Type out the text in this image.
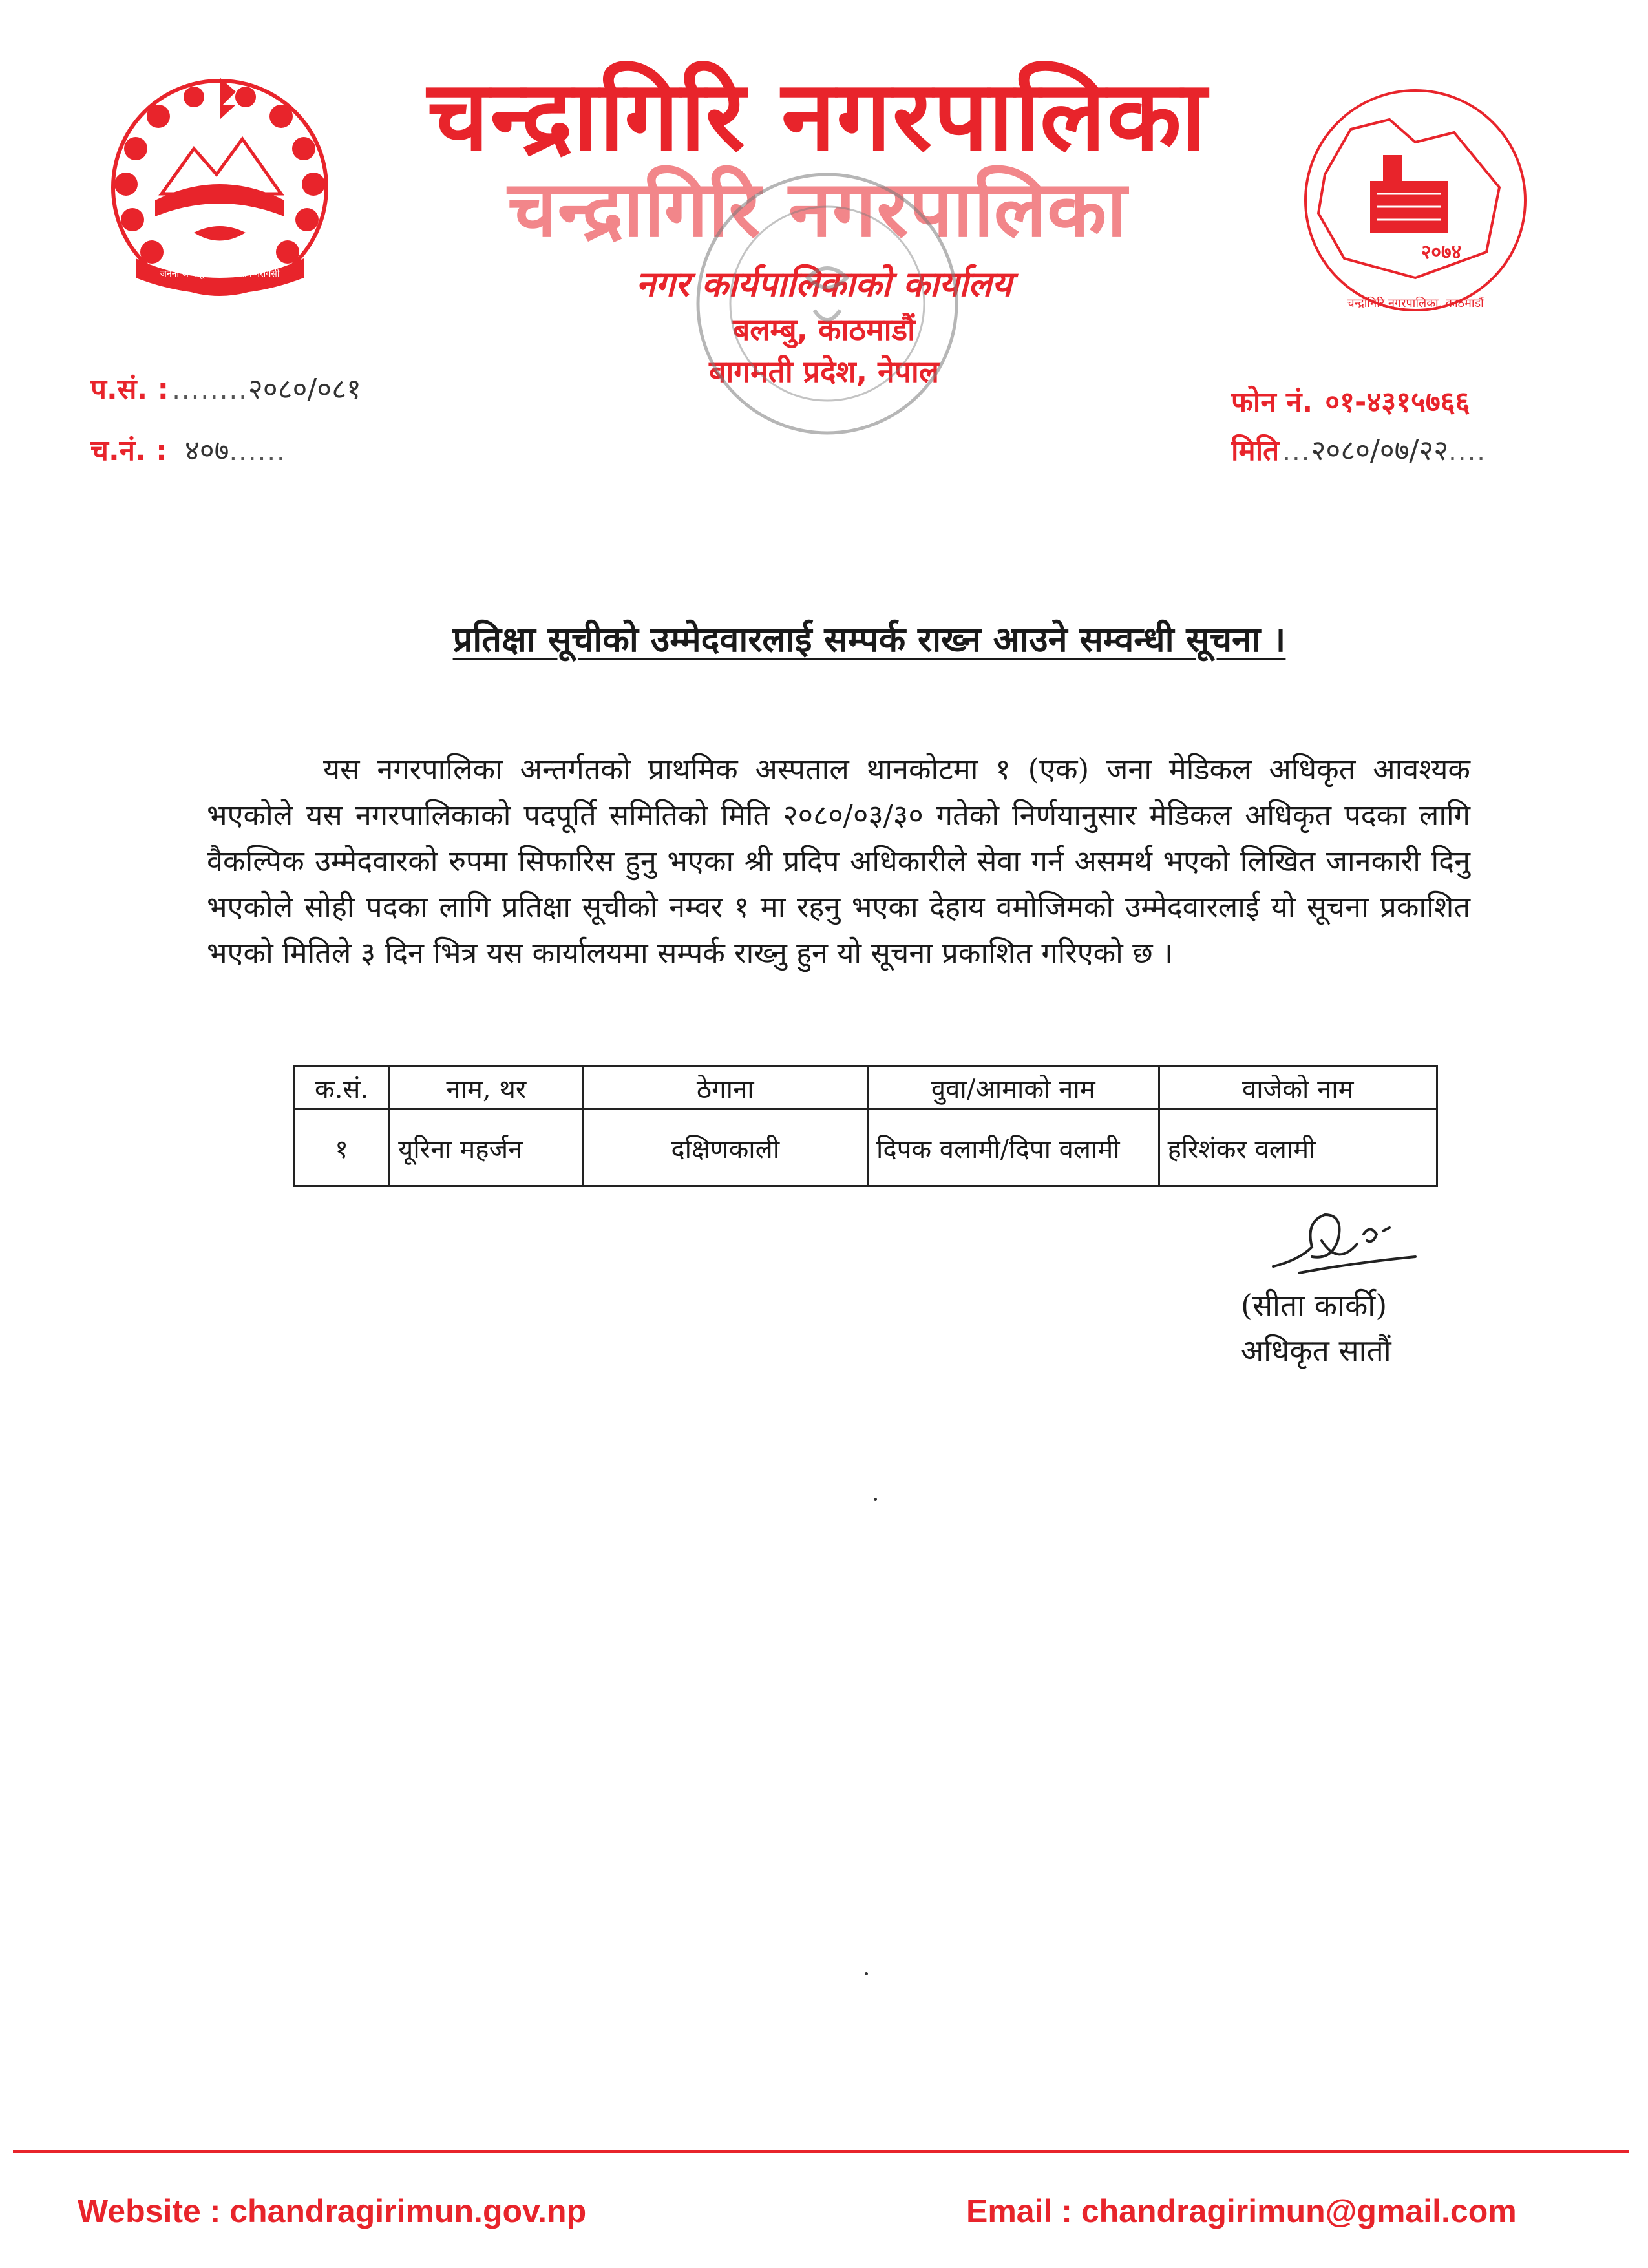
जननी जन्मभूमिश्च स्वर्गादपि गरीयसी
चन्द्रागिरि नगरपालिका
चन्द्रागिरि नगरपालिका
नगर कार्यपालिकाको कार्यालय
बलम्बु, काठमाडौं
बागमती प्रदेश, नेपाल
२०७४
चन्द्रागिरि नगरपालिका, काठमाडौं
प.सं. : ........२०८०/०८१
च.नं. : ४०७......
फोन नं. ०१-४३१५७६६
मिति ...२०८०/०७/२२....
प्रतिक्षा सूचीको उम्मेदवारलाई सम्पर्क राख्न आउने सम्वन्धी सूचना ।
यस नगरपालिका अन्तर्गतको प्राथमिक अस्पताल थानकोटमा १ (एक) जना मेडिकल अधिकृत आवश्यक भएकोले यस नगरपालिकाको पदपूर्ति समितिको मिति २०८०/०३/३० गतेको निर्णयानुसार मेडिकल अधिकृत पदका लागि वैकल्पिक उम्मेदवारको रुपमा सिफारिस हुनु भएका श्री प्रदिप अधिकारीले सेवा गर्न असमर्थ भएको लिखित जानकारी दिनु भएकोले सोही पदका लागि प्रतिक्षा सूचीको नम्वर १ मा रहनु भएका देहाय वमोजिमको उम्मेदवारलाई यो सूचना प्रकाशित भएको मितिले ३ दिन भित्र यस कार्यालयमा सम्पर्क राख्नु हुन यो सूचना प्रकाशित गरिएको छ ।
क.सं.	नाम, थर	ठेगाना	वुवा/आमाको नाम	वाजेको नाम
१	यूरिना महर्जन	दक्षिणकाली	दिपक वलामी/दिपा वलामी	हरिशंकर वलामी
(सीता कार्की)
अधिकृत सातौं
Website : chandragirimun.gov.np	Email : chandragirimun@gmail.com
